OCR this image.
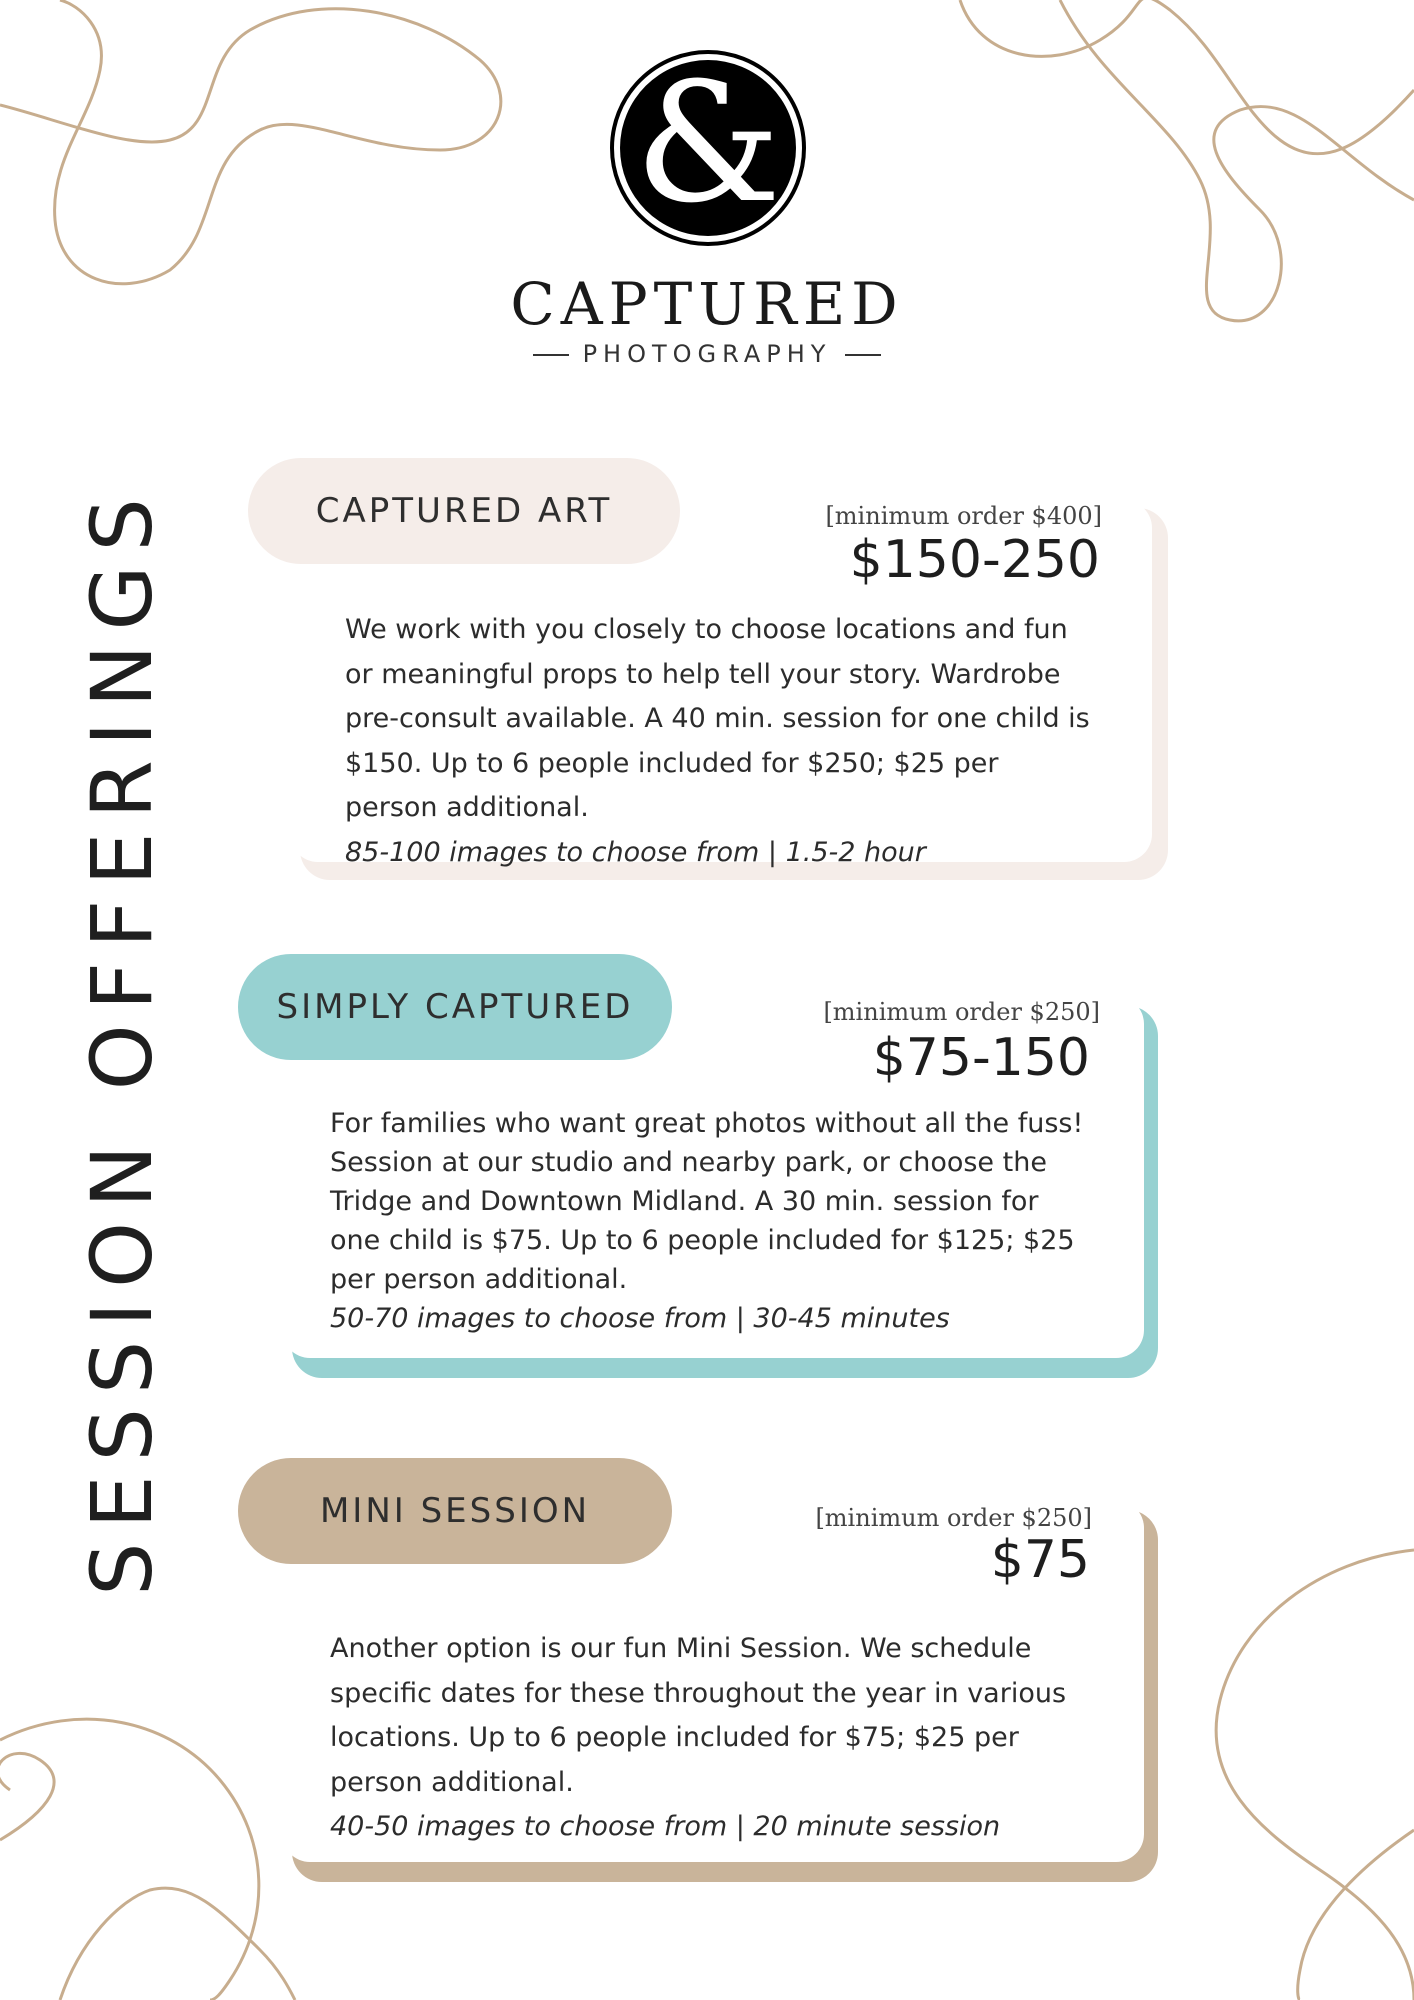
&
CAPTURED
PHOTOGRAPHY
SESSION OFFERINGS	CAPTURED ART	[minimum order $400]
$150-250

We work with you closely to choose locations and fun or meaningful props to help tell your story. Wardrobe pre-consult available. A 40 min. session for one child is $150. Up to 6 people included for $250; $25 per person additional.

85-100 images to choose from | 1.5-2 hour

SIMPLY CAPTURED	[minimum order $250]
$75-150

For families who want great photos without all the fuss! Session at our studio and nearby park, or choose the Tridge and Downtown Midland. A 30 min. session for one child is $75. Up to 6 people included for $125; $25 per person additional.

50-70 images to choose from | 30-45 minutes

MINI SESSION	[minimum order $250]
$75

Another option is our fun Mini Session. We schedule specific dates for these throughout the year in various locations. Up to 6 people included for $75; $25 per person additional.

40-50 images to choose from | 20 minute session
